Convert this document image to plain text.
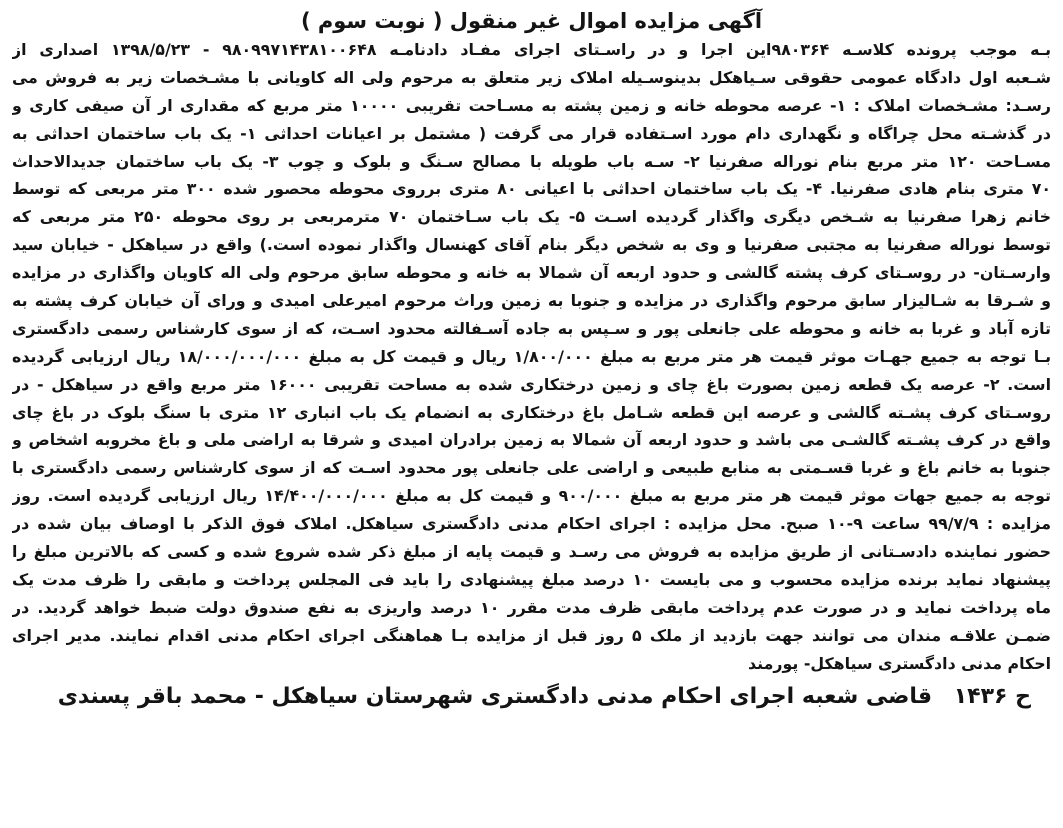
آگهی مزایده اموال غیر منقول ( نوبت سوم )
بـه موجب پرونده کلاسـه ۹۸۰۳۶۴این اجرا و در راسـتای اجرای مفـاد دادنامـه ۹۸۰۹۹۷۱۴۳۸۱۰۰۶۴۸ - ۱۳۹۸/۵/۲۳ اصداری از
شـعبه اول دادگاه عمومی حقوقی سـیاهکل بدینوسـیله املاک زیر متعلق به مرحوم ولی اله کاویانی با مشـخصات زیر به فروش می
رسـد: مشـخصات املاک : ۱- عرصه محوطه خانه و زمین پشته به مسـاحت تقریبی ۱۰۰۰۰ متر مربع که مقداری ار آن صیفی کاری و
در گذشـته محل چراگاه و نگهداری دام مورد اسـتفاده قرار می گرفت ( مشتمل بر اعیانات احداثی ۱- یک باب ساختمان احداثی به
مسـاحت ۱۲۰ متر مربع بنام نوراله صفرنیا ۲- سـه باب طویله با مصالح سـنگ و بلوک و چوب ۳- یک باب ساختمان جدیدالاحداث
۷۰ متری بنام هادی صفرنیا. ۴- یک باب ساختمان احداثی با اعیانی ۸۰ متری برروی محوطه محصور شده ۳۰۰ متر مربعی که توسط
خانم زهرا صفرنیا به شـخص دیگری واگذار گردیده اسـت ۵- یک باب سـاختمان ۷۰ مترمربعی بر روی محوطه ۲۵۰ متر مربعی که
توسط نوراله صفرنیا به مجتبی صفرنیا و وی به شخص دیگر بنام آقای کهنسال واگذار نموده است.) واقع در سیاهکل - خیابان سید
وارسـتان- در روسـتای کرف پشته گالشی و حدود اربعه آن شمالا به خانه و محوطه سابق مرحوم ولی اله کاویان واگذاری در مزایده
و شـرقا به شـالیزار سابق مرحوم واگذاری در مزایده و جنوبا به زمین وراث مرحوم امیرعلی امیدی و ورای آن خیابان کرف پشته به
تازه آباد و غربا به خانه و محوطه علی جانعلی پور و سـپس به جاده آسـفالته محدود اسـت، که از سوی کارشناس رسمی دادگستری
بـا توجه به جمیع جهـات موثر قیمت هر متر مربع به مبلغ ۱/۸۰۰/۰۰۰ ریال و قیمت کل به مبلغ ۱۸/۰۰۰/۰۰۰/۰۰۰ ریال ارزیابی گردیده
است. ۲- عرصه یک قطعه زمین بصورت باغ چای و زمین درختکاری شده به مساحت تقریبی ۱۶۰۰۰ متر مربع واقع در سیاهکل - در
روسـتای کرف پشـته گالشی و عرصه این قطعه شـامل باغ درختکاری به انضمام یک باب انباری ۱۲ متری با سنگ بلوک در باغ چای
واقع در کرف پشـته گالشـی می باشد و حدود اربعه آن شمالا به زمین برادران امیدی و شرقا به اراضی ملی و باغ مخروبه اشخاص و
جنوبا به خانم باغ و غربا قسـمتی به منابع طبیعی و اراضی علی جانعلی پور محدود اسـت که از سوی کارشناس رسمی دادگستری با
توجه به جمیع جهات موثر قیمت هر متر مربع به مبلغ ۹۰۰/۰۰۰ و قیمت کل به مبلغ ۱۴/۴۰۰/۰۰۰/۰۰۰ ریال ارزیابی گردیده است. روز
مزایده : ۹۹/۷/۹ ساعت ۹-۱۰ صبح. محل مزایده : اجرای احکام مدنی دادگستری سیاهکل. املاک فوق الذکر با اوصاف بیان شده در
حضور نماینده دادسـتانی از طریق مزایده به فروش می رسـد و قیمت پایه از مبلغ ذکر شده شروع شده و کسی که بالاترین مبلغ را
پیشنهاد نماید برنده مزایده محسوب و می بایست ۱۰ درصد مبلغ پیشنهادی را باید فی المجلس پرداخت و مابقی را ظرف مدت یک
ماه پرداخت نماید و در صورت عدم پرداخت مابقی ظرف مدت مقرر ۱۰ درصد واریزی به نفع صندوق دولت ضبط خواهد گردید. در
ضمـن علاقـه مندان می توانند جهت بازدید از ملک ۵ روز قبل از مزایده بـا هماهنگی اجرای احکام مدنی اقدام نمایند. مدیر اجرای
احکام مدنی دادگستری سیاهکل- پورمند
ح ۱۴۳۶ قاضی شعبه اجرای احکام مدنی دادگستری شهرستان سیاهکل - محمد باقر پسندی
